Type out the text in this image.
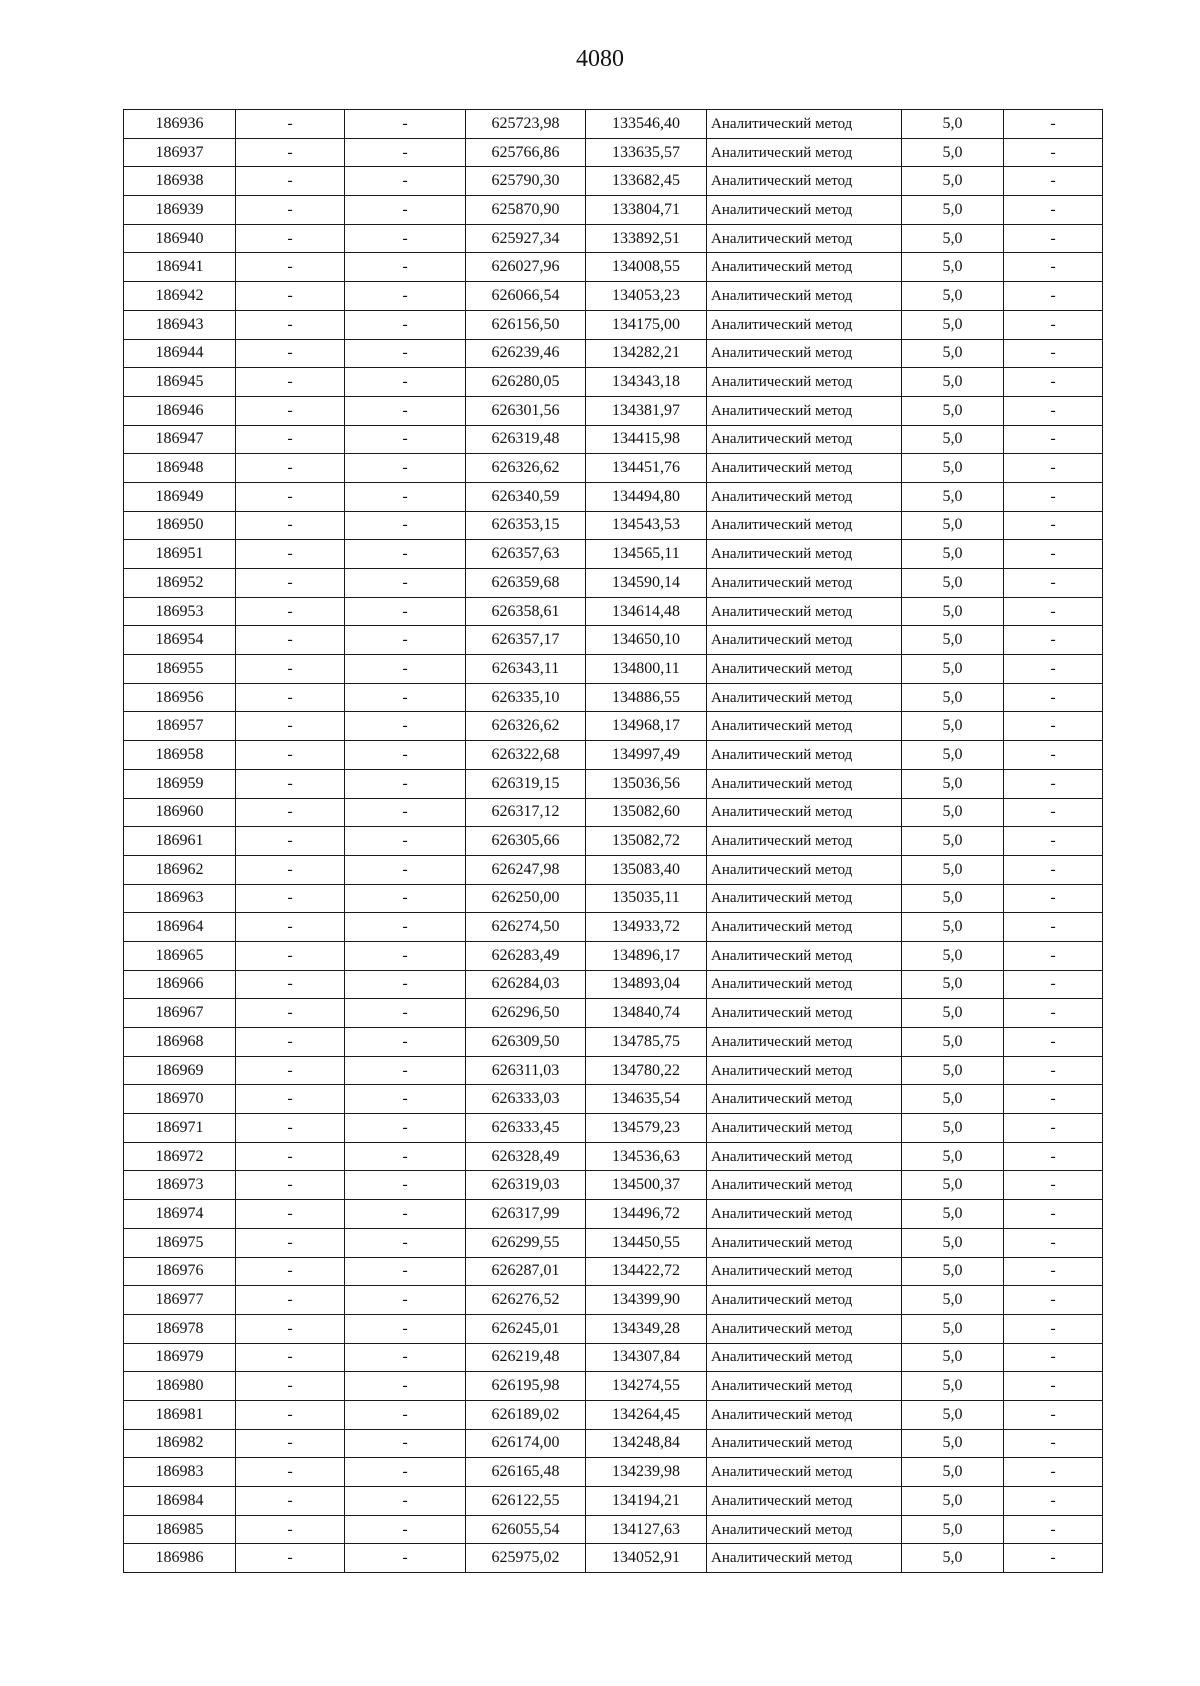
4080
186936	-	-	625723,98	133546,40	Аналитический метод	5,0	-
186937	-	-	625766,86	133635,57	Аналитический метод	5,0	-
186938	-	-	625790,30	133682,45	Аналитический метод	5,0	-
186939	-	-	625870,90	133804,71	Аналитический метод	5,0	-
186940	-	-	625927,34	133892,51	Аналитический метод	5,0	-
186941	-	-	626027,96	134008,55	Аналитический метод	5,0	-
186942	-	-	626066,54	134053,23	Аналитический метод	5,0	-
186943	-	-	626156,50	134175,00	Аналитический метод	5,0	-
186944	-	-	626239,46	134282,21	Аналитический метод	5,0	-
186945	-	-	626280,05	134343,18	Аналитический метод	5,0	-
186946	-	-	626301,56	134381,97	Аналитический метод	5,0	-
186947	-	-	626319,48	134415,98	Аналитический метод	5,0	-
186948	-	-	626326,62	134451,76	Аналитический метод	5,0	-
186949	-	-	626340,59	134494,80	Аналитический метод	5,0	-
186950	-	-	626353,15	134543,53	Аналитический метод	5,0	-
186951	-	-	626357,63	134565,11	Аналитический метод	5,0	-
186952	-	-	626359,68	134590,14	Аналитический метод	5,0	-
186953	-	-	626358,61	134614,48	Аналитический метод	5,0	-
186954	-	-	626357,17	134650,10	Аналитический метод	5,0	-
186955	-	-	626343,11	134800,11	Аналитический метод	5,0	-
186956	-	-	626335,10	134886,55	Аналитический метод	5,0	-
186957	-	-	626326,62	134968,17	Аналитический метод	5,0	-
186958	-	-	626322,68	134997,49	Аналитический метод	5,0	-
186959	-	-	626319,15	135036,56	Аналитический метод	5,0	-
186960	-	-	626317,12	135082,60	Аналитический метод	5,0	-
186961	-	-	626305,66	135082,72	Аналитический метод	5,0	-
186962	-	-	626247,98	135083,40	Аналитический метод	5,0	-
186963	-	-	626250,00	135035,11	Аналитический метод	5,0	-
186964	-	-	626274,50	134933,72	Аналитический метод	5,0	-
186965	-	-	626283,49	134896,17	Аналитический метод	5,0	-
186966	-	-	626284,03	134893,04	Аналитический метод	5,0	-
186967	-	-	626296,50	134840,74	Аналитический метод	5,0	-
186968	-	-	626309,50	134785,75	Аналитический метод	5,0	-
186969	-	-	626311,03	134780,22	Аналитический метод	5,0	-
186970	-	-	626333,03	134635,54	Аналитический метод	5,0	-
186971	-	-	626333,45	134579,23	Аналитический метод	5,0	-
186972	-	-	626328,49	134536,63	Аналитический метод	5,0	-
186973	-	-	626319,03	134500,37	Аналитический метод	5,0	-
186974	-	-	626317,99	134496,72	Аналитический метод	5,0	-
186975	-	-	626299,55	134450,55	Аналитический метод	5,0	-
186976	-	-	626287,01	134422,72	Аналитический метод	5,0	-
186977	-	-	626276,52	134399,90	Аналитический метод	5,0	-
186978	-	-	626245,01	134349,28	Аналитический метод	5,0	-
186979	-	-	626219,48	134307,84	Аналитический метод	5,0	-
186980	-	-	626195,98	134274,55	Аналитический метод	5,0	-
186981	-	-	626189,02	134264,45	Аналитический метод	5,0	-
186982	-	-	626174,00	134248,84	Аналитический метод	5,0	-
186983	-	-	626165,48	134239,98	Аналитический метод	5,0	-
186984	-	-	626122,55	134194,21	Аналитический метод	5,0	-
186985	-	-	626055,54	134127,63	Аналитический метод	5,0	-
186986	-	-	625975,02	134052,91	Аналитический метод	5,0	-
